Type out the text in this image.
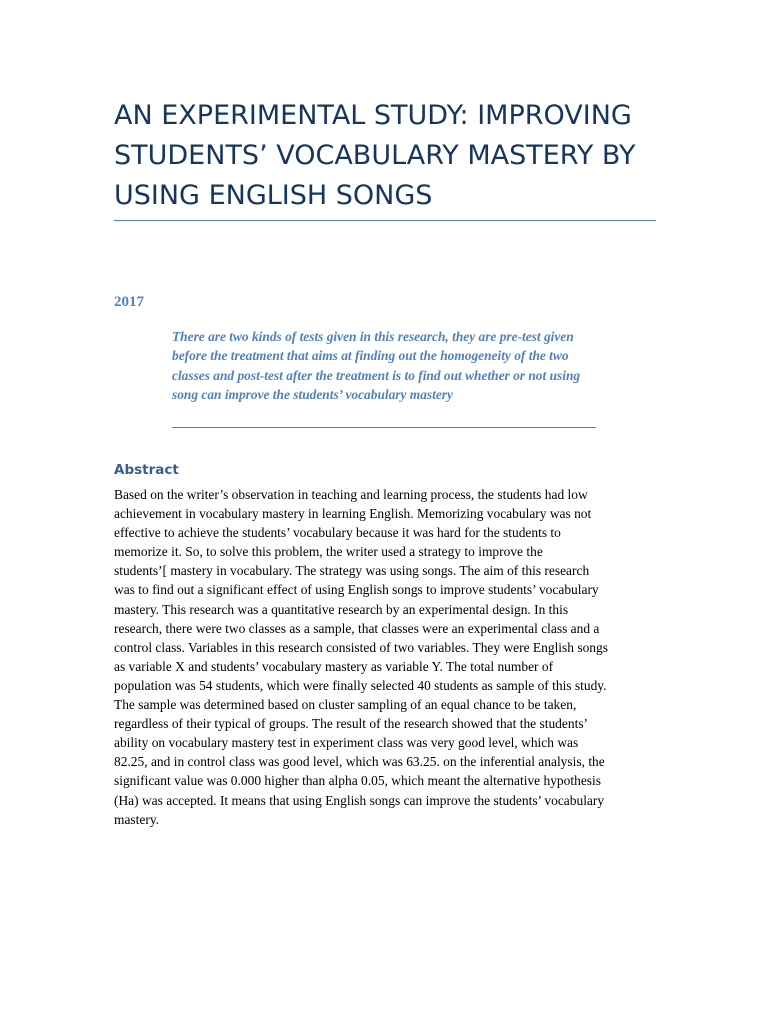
AN EXPERIMENTAL STUDY: IMPROVING STUDENTS’ VOCABULARY MASTERY BY USING ENGLISH SONGS

2017

There are two kinds of tests given in this research, they are pre-test given before the treatment that aims at finding out the homogeneity of the two classes and post-test after the treatment is to find out whether or not using song can improve the students’ vocabulary mastery

Abstract
Based on the writer’s observation in teaching and learning process, the students had low
achievement in vocabulary mastery in learning English. Memorizing vocabulary was not
effective to achieve the students’ vocabulary because it was hard for the students to
memorize it. So, to solve this problem, the writer used a strategy to improve the
students’[ mastery in vocabulary. The strategy was using songs. The aim of this research
was to find out a significant effect of using English songs to improve students’ vocabulary
mastery. This research was a quantitative research by an experimental design. In this
research, there were two classes as a sample, that classes were an experimental class and a
control class. Variables in this research consisted of two variables. They were English songs
as variable X and students’ vocabulary mastery as variable Y. The total number of
population was 54 students, which were finally selected 40 students as sample of this study.
The sample was determined based on cluster sampling of an equal chance to be taken,
regardless of their typical of groups. The result of the research showed that the students’
ability on vocabulary mastery test in experiment class was very good level, which was
82.25, and in control class was good level, which was 63.25. on the inferential analysis, the
significant value was 0.000 higher than alpha 0.05, which meant the alternative hypothesis
(Ha) was accepted. It means that using English songs can improve the students’ vocabulary
mastery.
